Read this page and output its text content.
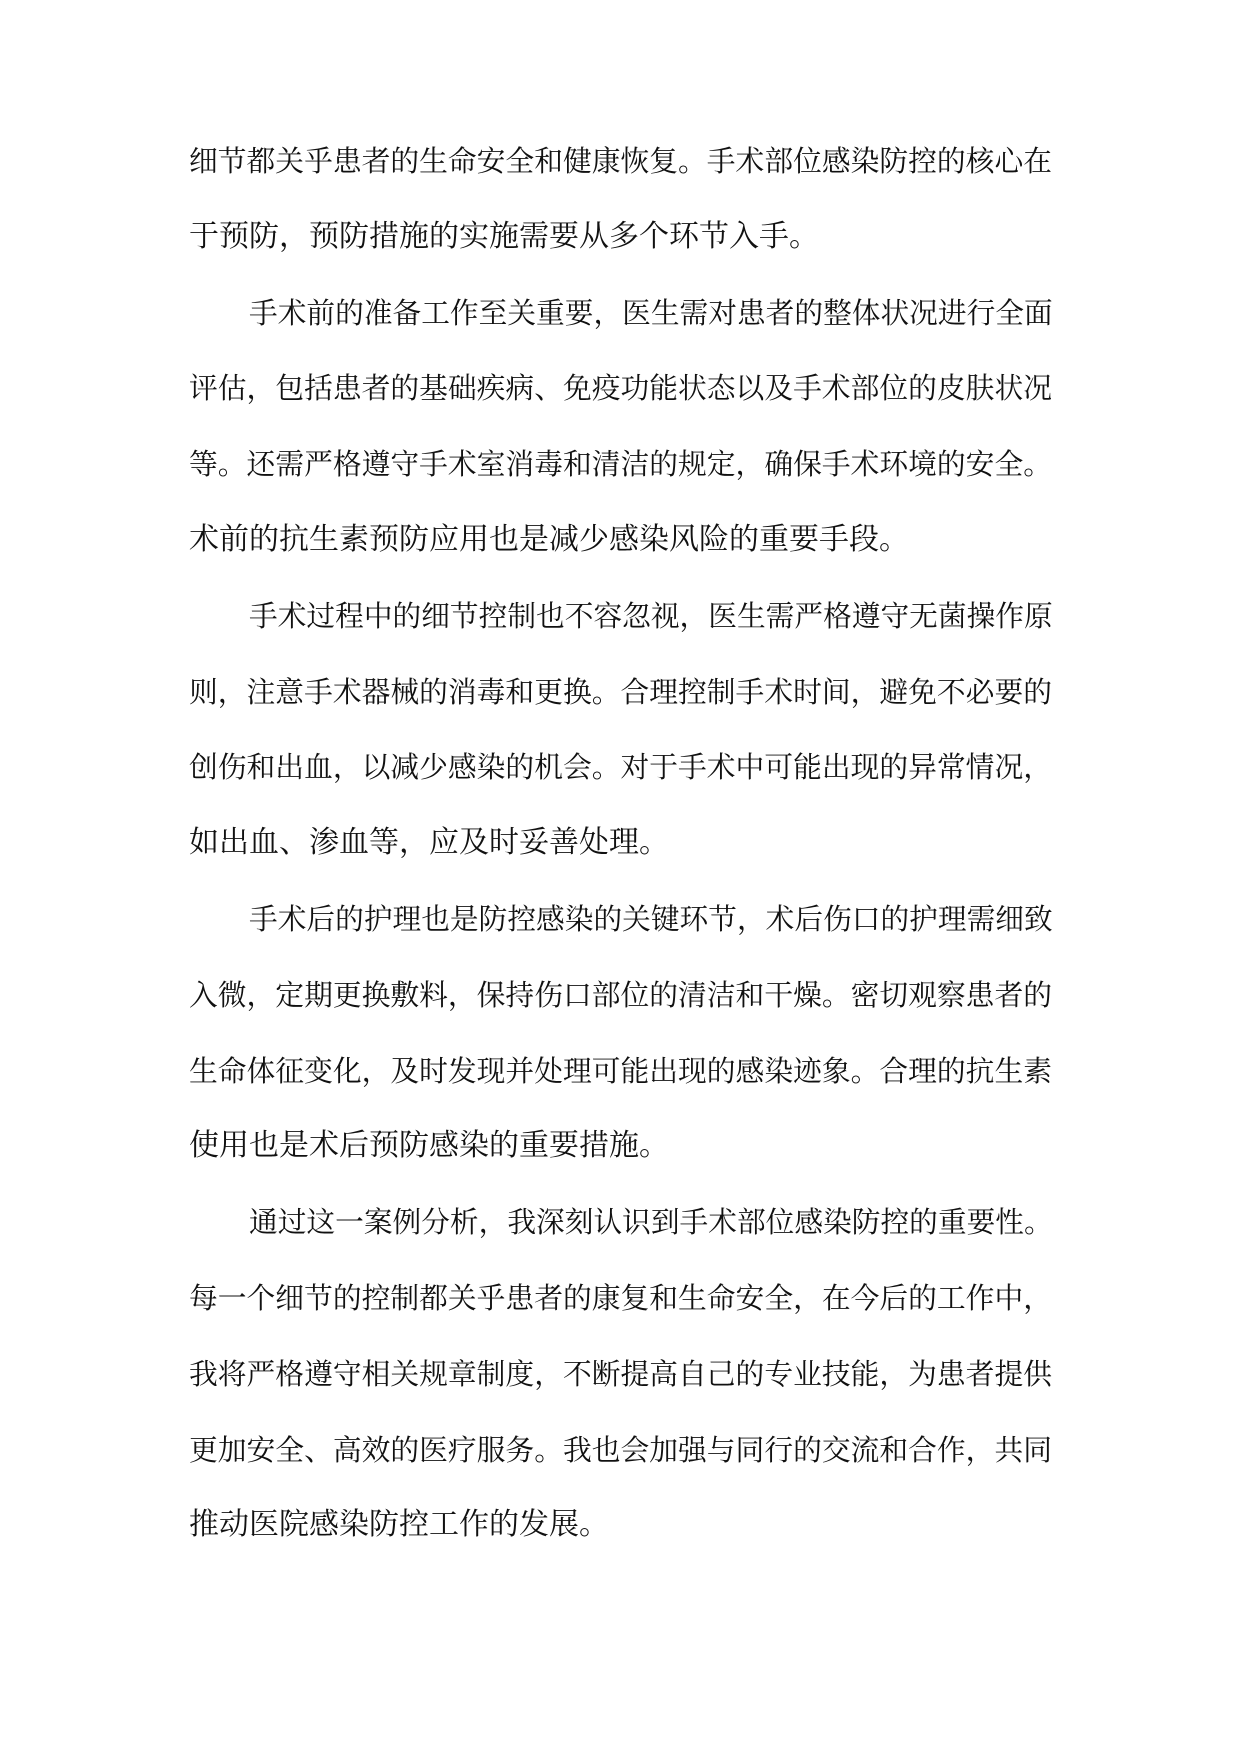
细节都关乎患者的生命安全和健康恢复。手术部位感染防控的核心在
于预防，预防措施的实施需要从多个环节入手。
手术前的准备工作至关重要，医生需对患者的整体状况进行全面
评估，包括患者的基础疾病、免疫功能状态以及手术部位的皮肤状况
等。还需严格遵守手术室消毒和清洁的规定，确保手术环境的安全。
术前的抗生素预防应用也是减少感染风险的重要手段。
手术过程中的细节控制也不容忽视，医生需严格遵守无菌操作原
则，注意手术器械的消毒和更换。合理控制手术时间，避免不必要的
创伤和出血，以减少感染的机会。对于手术中可能出现的异常情况，
如出血、渗血等，应及时妥善处理。
手术后的护理也是防控感染的关键环节，术后伤口的护理需细致
入微，定期更换敷料，保持伤口部位的清洁和干燥。密切观察患者的
生命体征变化，及时发现并处理可能出现的感染迹象。合理的抗生素
使用也是术后预防感染的重要措施。
通过这一案例分析，我深刻认识到手术部位感染防控的重要性。
每一个细节的控制都关乎患者的康复和生命安全，在今后的工作中，
我将严格遵守相关规章制度，不断提高自己的专业技能，为患者提供
更加安全、高效的医疗服务。我也会加强与同行的交流和合作，共同
推动医院感染防控工作的发展。
